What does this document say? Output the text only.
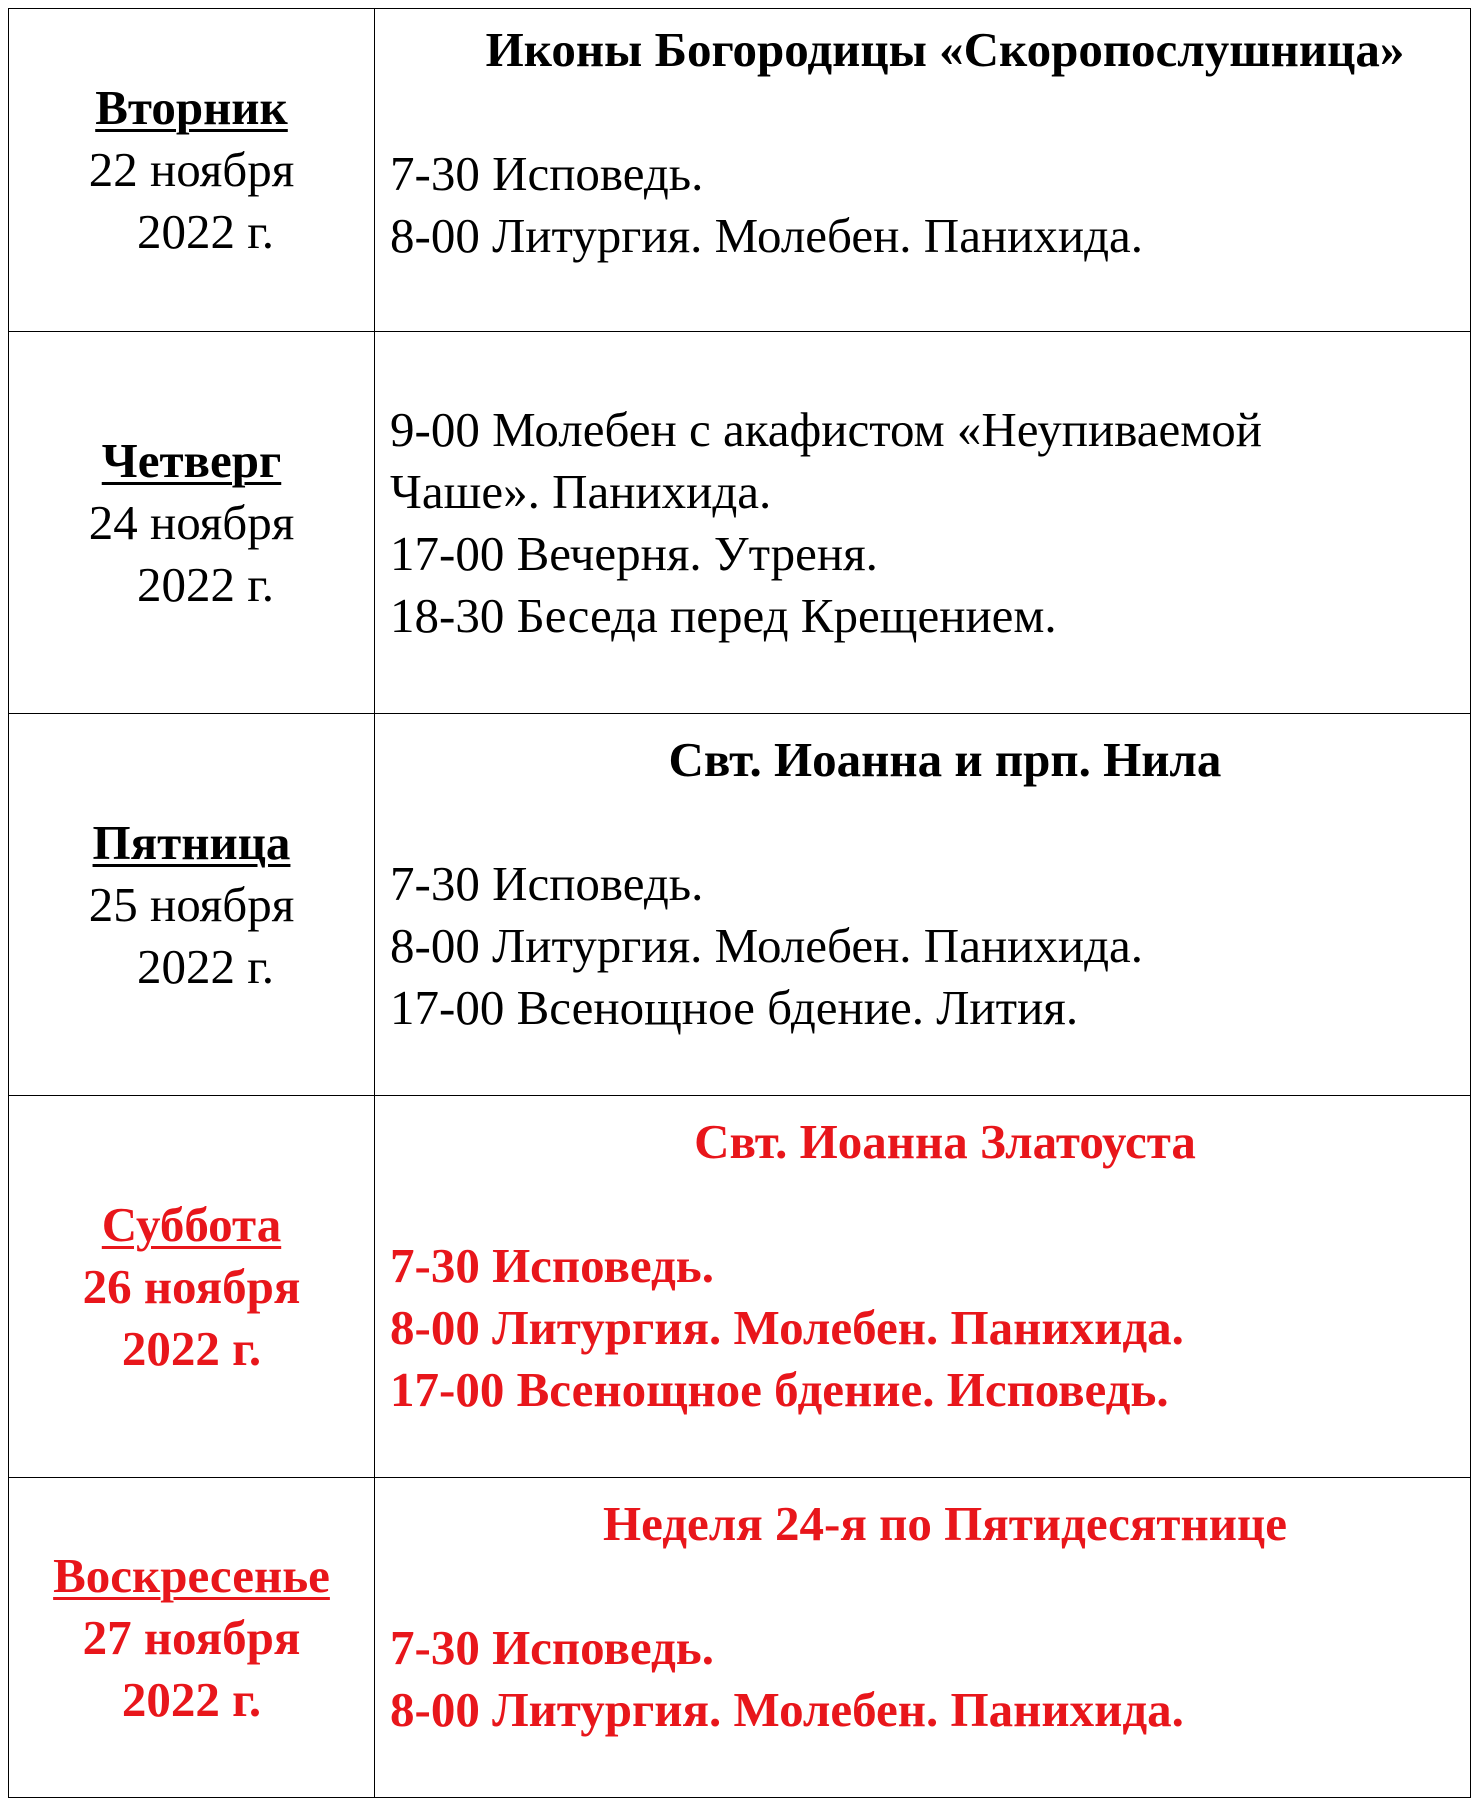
Вторник
22 ноября
2022 г.	Иконы Богородицы «Скоропослушница»
7-30 Исповедь.
8-00 Литургия. Молебен. Панихида.

Четверг
24 ноября
2022 г.	9-00 Молебен с акафистом «Неупиваемой Чаше». Панихида.
17-00 Вечерня. Утреня.
18-30 Беседа перед Крещением.

Пятница
25 ноября
2022 г.	Свт. Иоанна и прп. Нила
7-30 Исповедь.
8-00 Литургия. Молебен. Панихида.
17-00 Всенощное бдение. Лития.

Суббота
26 ноября
2022 г.	Свт. Иоанна Златоуста
7-30 Исповедь.
8-00 Литургия. Молебен. Панихида.
17-00 Всенощное бдение. Исповедь.

Воскресенье
27 ноября
2022 г.	Неделя 24-я по Пятидесятнице
7-30 Исповедь.
8-00 Литургия. Молебен. Панихида.
